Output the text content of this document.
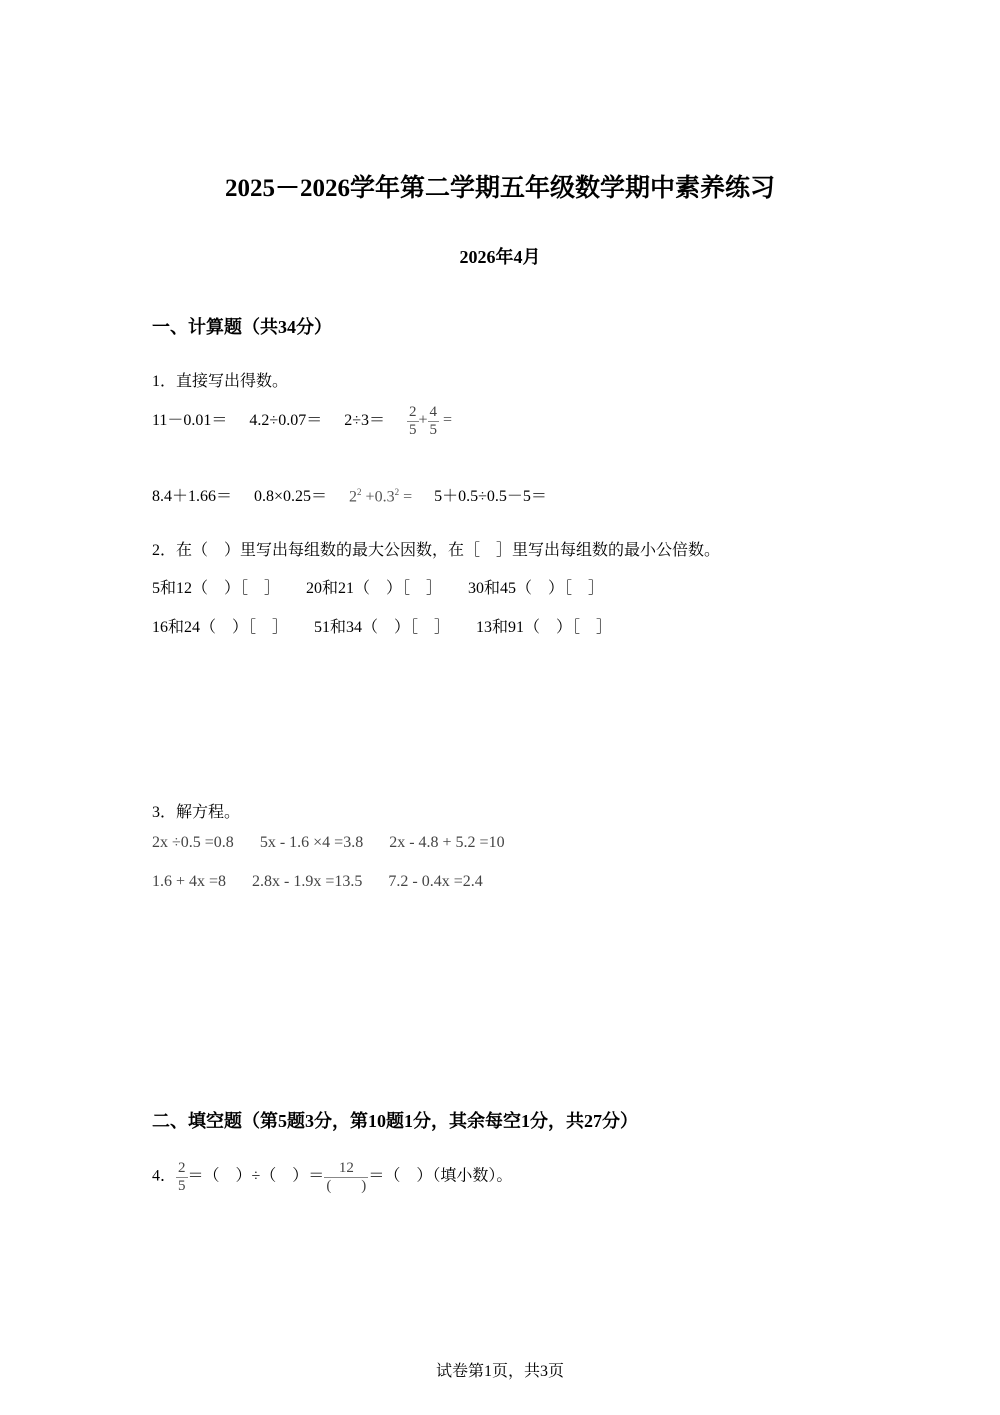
2025－2026学年第二学期五年级数学期中素养练习
2026年4月
一、计算题（共34分）
1．直接写出得数。
$11-0.01= 4.2\div 0.07= 2\div 3= \frac{2}{5} + \frac{4}{5}$ =
$8.4+1.66= 0.8\times 0.25= 2^2 +0.3^2 = 5+0.5\div 0.5-5=$
2．在（　）里写出每组数的最大公因数，在［　］里写出每组数的最小公倍数。
5和12（　）［　］ 20和21（　）［　］ 30和45（　）［　］
16和24（　）［　］ 51和34（　）［　］ 13和91（　）［　］
3．解方程。
2x ÷0.5 =0.8 5x - 1.6 ×4 =3.8 2x - 4.8 + 5.2 =10
1.6 + 4x =8 2.8x - 1.9x =13.5 7.2 - 0.4x =2.4
二、填空题（第5题3分，第10题1分，其余每空1分，共27分）
4． $\frac{2}{5}$ ＝（　）÷（　）＝ $\frac{12}{( )}$ ＝（　）（填小数）。
试卷第1页，共3页
